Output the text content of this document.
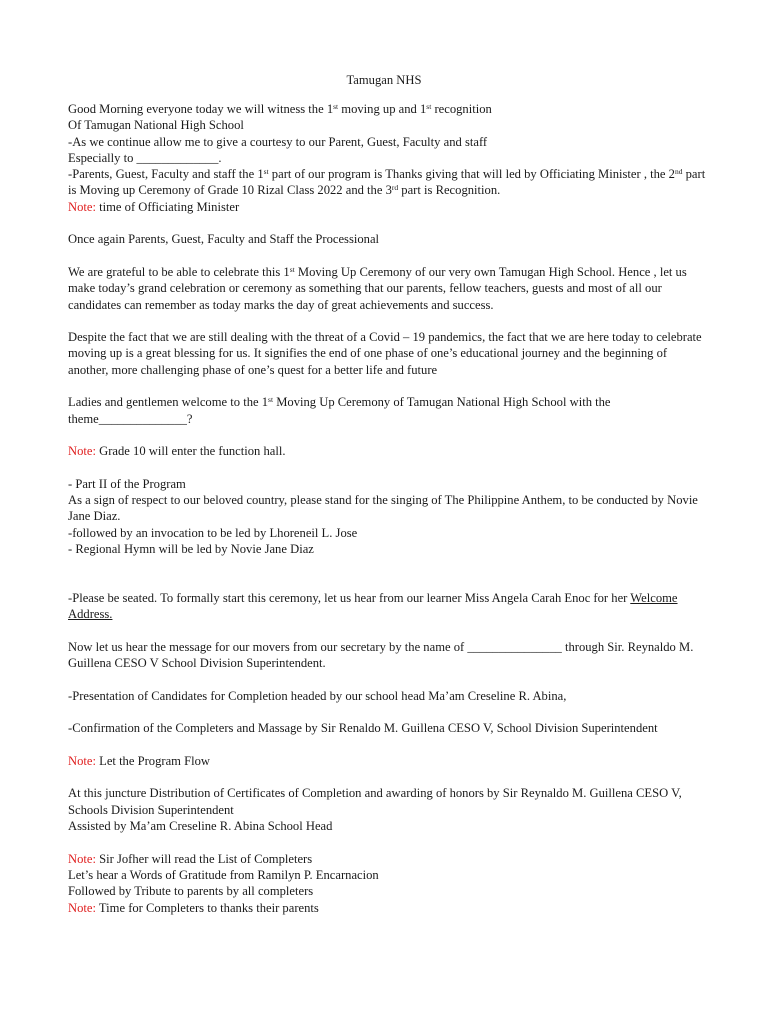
Tamugan NHS

Good Morning everyone today we will witness the 1st moving up and 1st recognition

Of Tamugan National High School

-As we continue allow me to give a courtesy to our Parent, Guest, Faculty and staff

Especially to _____________.

-Parents, Guest, Faculty and staff the 1st part of our program is Thanks giving that will led by Officiating Minister , the 2nd part is Moving up Ceremony of Grade 10 Rizal Class 2022 and the 3rd part is Recognition.

Note: time of Officiating Minister

Once again Parents, Guest, Faculty and Staff the Processional

We are grateful to be able to celebrate this 1st Moving Up Ceremony of our very own Tamugan High School. Hence , let us make today’s grand celebration or ceremony as something that our parents, fellow teachers, guests and most of all our candidates can remember as today marks the day of great achievements and success.

Despite the fact that we are still dealing with the threat of a Covid – 19 pandemics, the fact that we are here today to celebrate moving up is a great blessing for us. It signifies the end of one phase of one’s educational journey and the beginning of another, more challenging phase of one’s quest for a better life and future

Ladies and gentlemen welcome to the 1st Moving Up Ceremony of Tamugan National High School with the theme______________?

Note: Grade 10 will enter the function hall.

- Part II of the Program

As a sign of respect to our beloved country, please stand for the singing of The Philippine Anthem, to be conducted by Novie Jane Diaz.

-followed by an invocation to be led by Lhoreneil L. Jose

- Regional Hymn will be led by Novie Jane Diaz

-Please be seated. To formally start this ceremony, let us hear from our learner Miss Angela Carah Enoc for her Welcome Address.

Now let us hear the message for our movers from our secretary by the name of _______________ through Sir. Reynaldo M. Guillena CESO V School Division Superintendent.

-Presentation of Candidates for Completion headed by our school head Ma’am Creseline R. Abina,

-Confirmation of the Completers and Massage by Sir Renaldo M. Guillena CESO V, School Division Superintendent

Note: Let the Program Flow

At this juncture Distribution of Certificates of Completion and awarding of honors by Sir Reynaldo M. Guillena CESO V, Schools Division Superintendent

Assisted by Ma’am Creseline R. Abina School Head

Note: Sir Jofher will read the List of Completers

Let’s hear a Words of Gratitude from Ramilyn P. Encarnacion

Followed by Tribute to parents by all completers

Note: Time for Completers to thanks their parents
